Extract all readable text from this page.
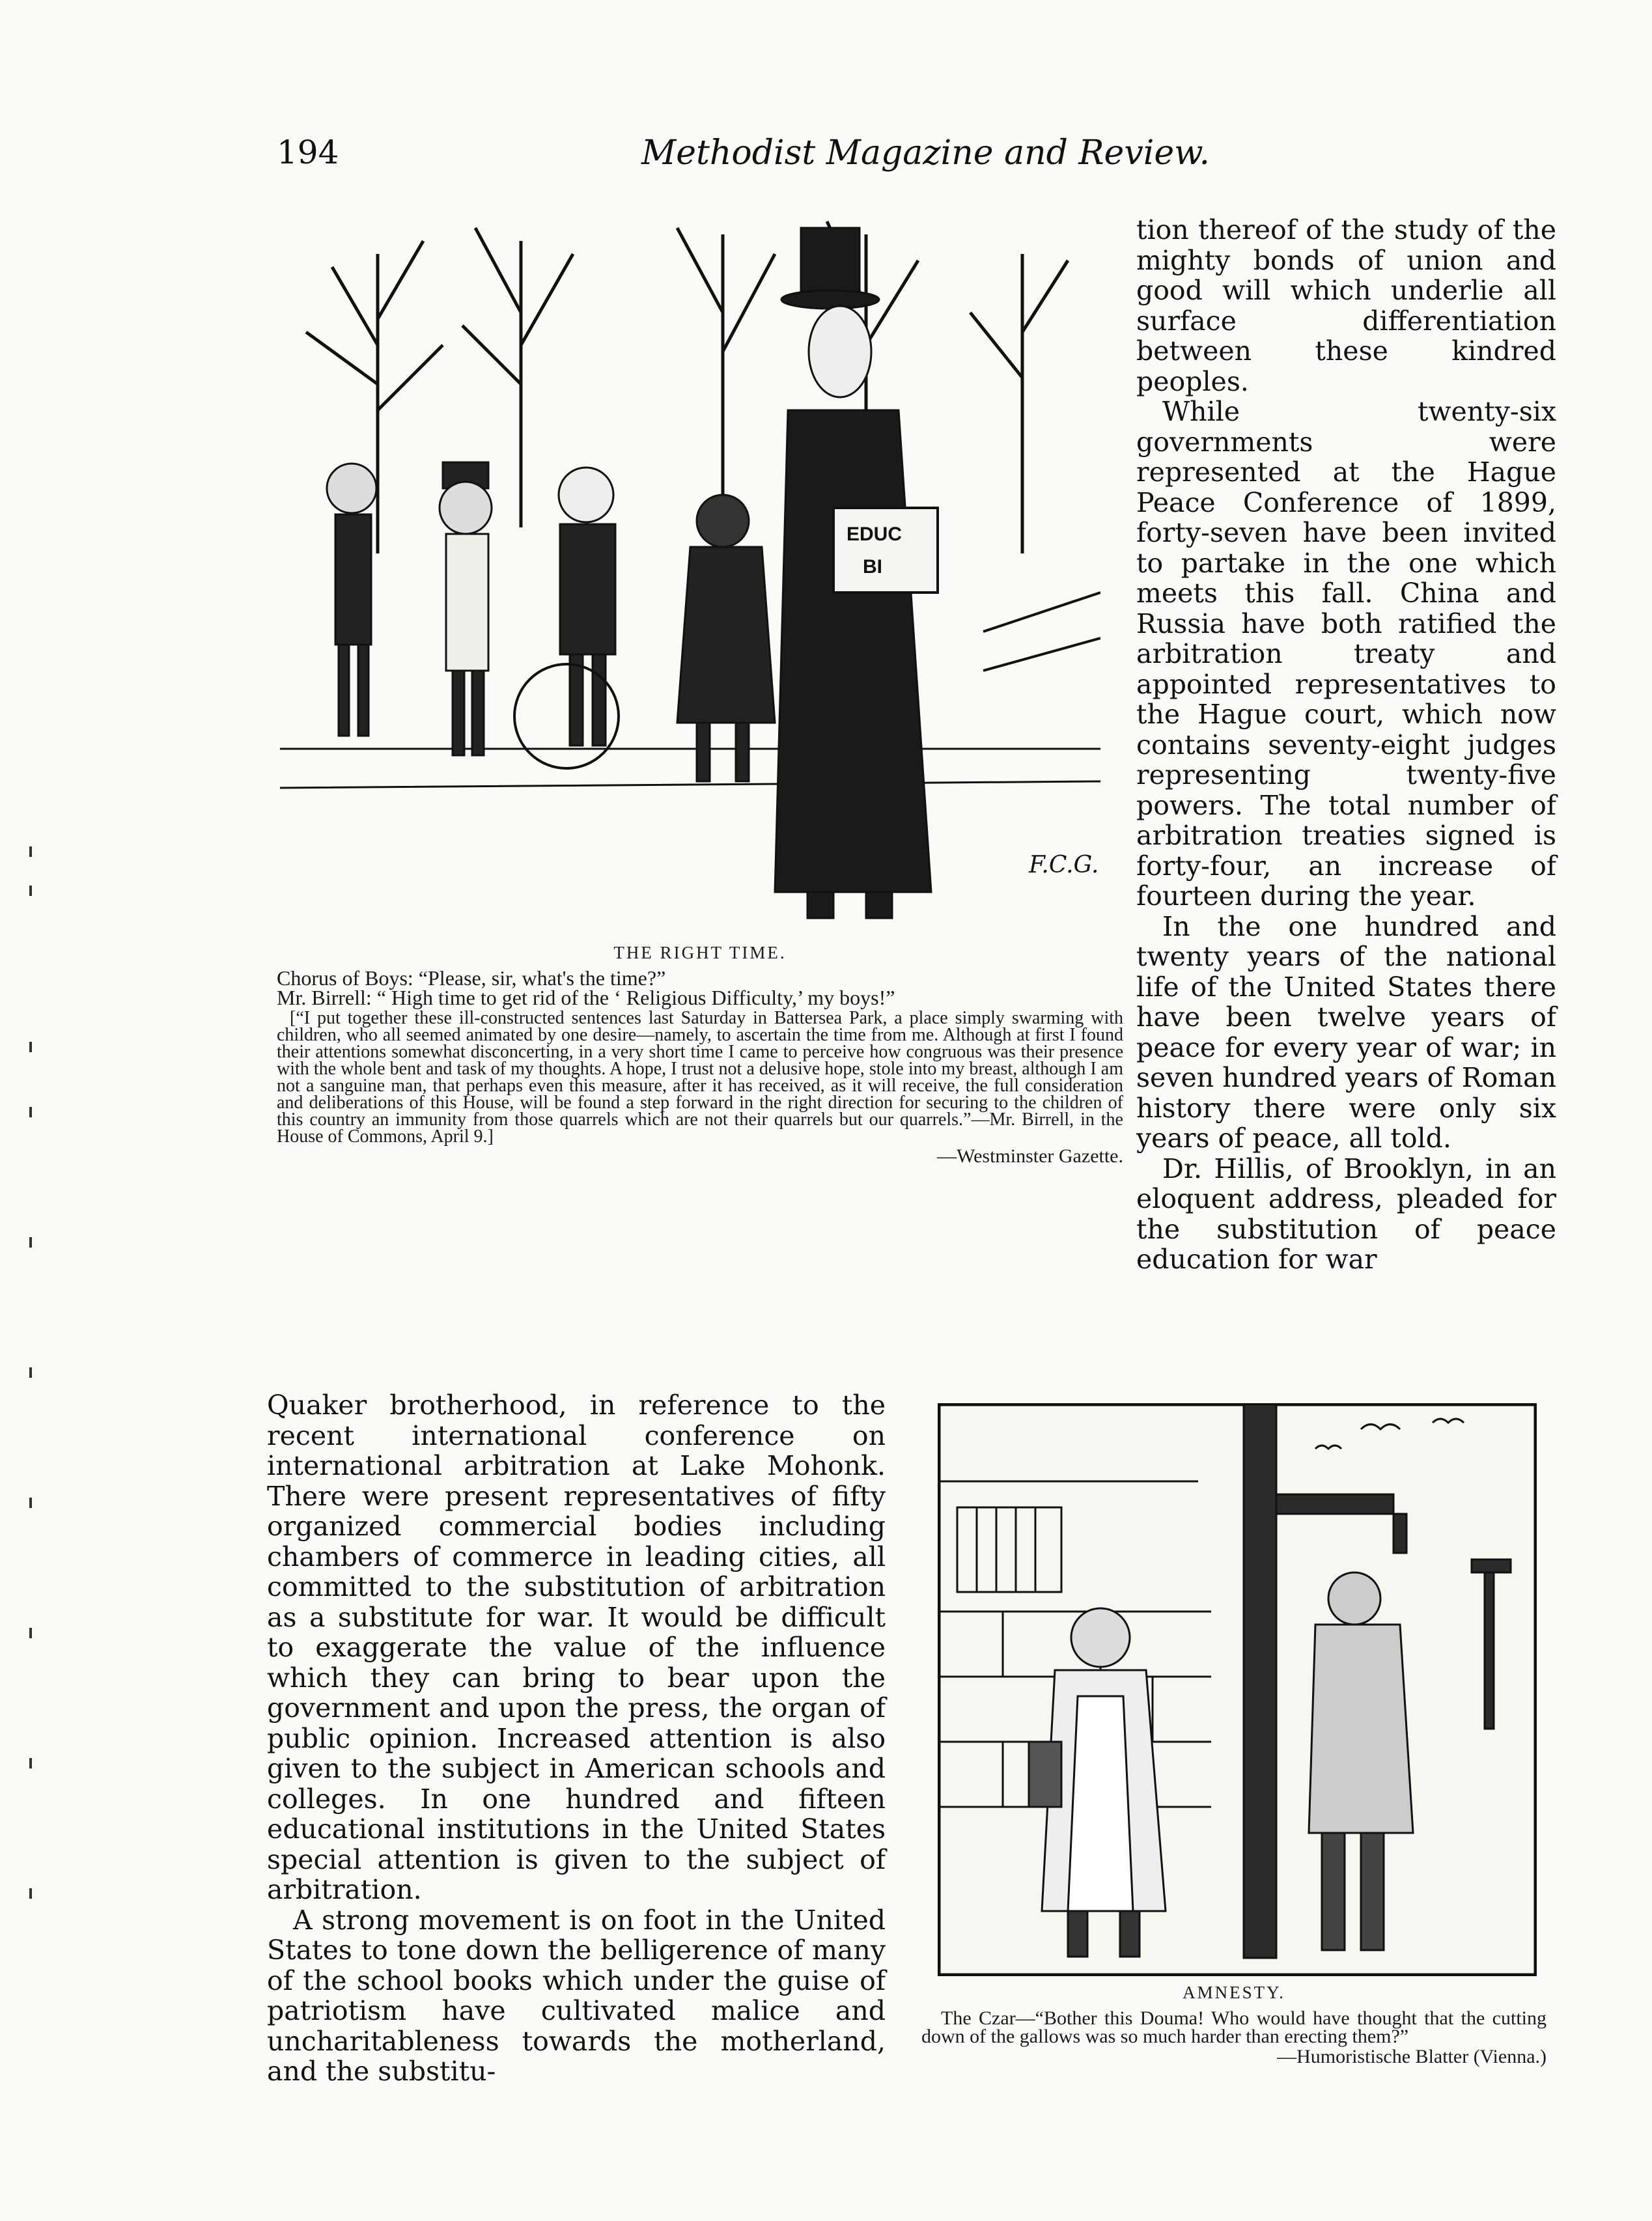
194	Methodist Magazine and Review.
EDUC
BI
F.C.G.
THE RIGHT TIME.
Chorus of Boys: “Please, sir, what's the time?”
Mr. Birrell: “ High time to get rid of the ‘ Religious Difficulty,’ my boys!”
[“I put together these ill-constructed sentences last Saturday in Battersea Park, a place simply swarming with children, who all seemed animated by one desire—namely, to ascertain the time from me. Although at first I found their attentions somewhat disconcerting, in a very short time I came to perceive how congruous was their presence with the whole bent and task of my thoughts. A hope, I trust not a delusive hope, stole into my breast, although I am not a sanguine man, that perhaps even this measure, after it has received, as it will receive, the full consideration and deliberations of this House, will be found a step forward in the right direction for securing to the children of this country an immunity from those quarrels which are not their quarrels but our quarrels.”—Mr. Birrell, in the House of Commons, April 9.]
—Westminster Gazette.

tion thereof of the study of the mighty bonds of union and good will which underlie all surface differentiation between these kindred peoples.

While twenty-six governments were represented at the Hague Peace Conference of 1899, forty-seven have been invited to partake in the one which meets this fall. China and Russia have both ratified the arbitration treaty and appointed representatives to the Hague court, which now contains seventy-eight judges representing twenty-five powers. The total number of arbitration treaties signed is forty-four, an increase of fourteen during the year.

In the one hundred and twenty years of the national life of the United States there have been twelve years of peace for every year of war; in seven hundred years of Roman history there were only six years of peace, all told.

Dr. Hillis, of Brooklyn, in an eloquent address, pleaded for the substitution of peace education for war

Quaker brotherhood, in reference to the recent international conference on international arbitration at Lake Mohonk. There were present representatives of fifty organized commercial bodies including chambers of commerce in leading cities, all committed to the substitution of arbitration as a substitute for war. It would be difficult to exaggerate the value of the influence which they can bring to bear upon the government and upon the press, the organ of public opinion. Increased attention is also given to the subject in American schools and colleges. In one hundred and fifteen educational institutions in the United States special attention is given to the subject of arbitration.

A strong movement is on foot in the United States to tone down the belligerence of many of the school books which under the guise of patriotism have cultivated malice and uncharitableness towards the motherland, and the substitu-

AMNESTY.
The Czar—“Bother this Douma! Who would have thought that the cutting down of the gallows was so much harder than erecting them?”
—Humoristische Blatter (Vienna.)
